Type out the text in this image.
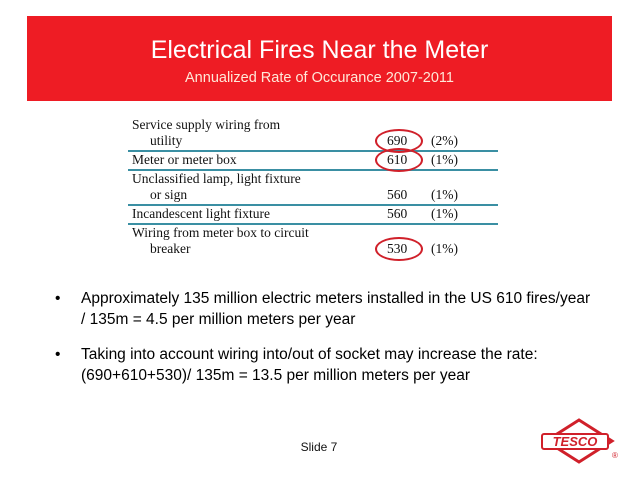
Electrical Fires Near the Meter
Annualized Rate of Occurance 2007-2011
Service supply wiring from
utility	690 (2%)
Meter or meter box	610 (1%)
Unclassified lamp, light fixture
or sign	560 (1%)
Incandescent light fixture	560 (1%)
Wiring from meter box to circuit
breaker	530 (1%)
• Approximately 135 million electric meters installed in the US 610 fires/year / 135m = 4.5 per million meters per year
• Taking into account wiring into/out of socket may increase the rate: (690+610+530)/ 135m = 13.5 per million meters per year
Slide 7	TESCO
®
